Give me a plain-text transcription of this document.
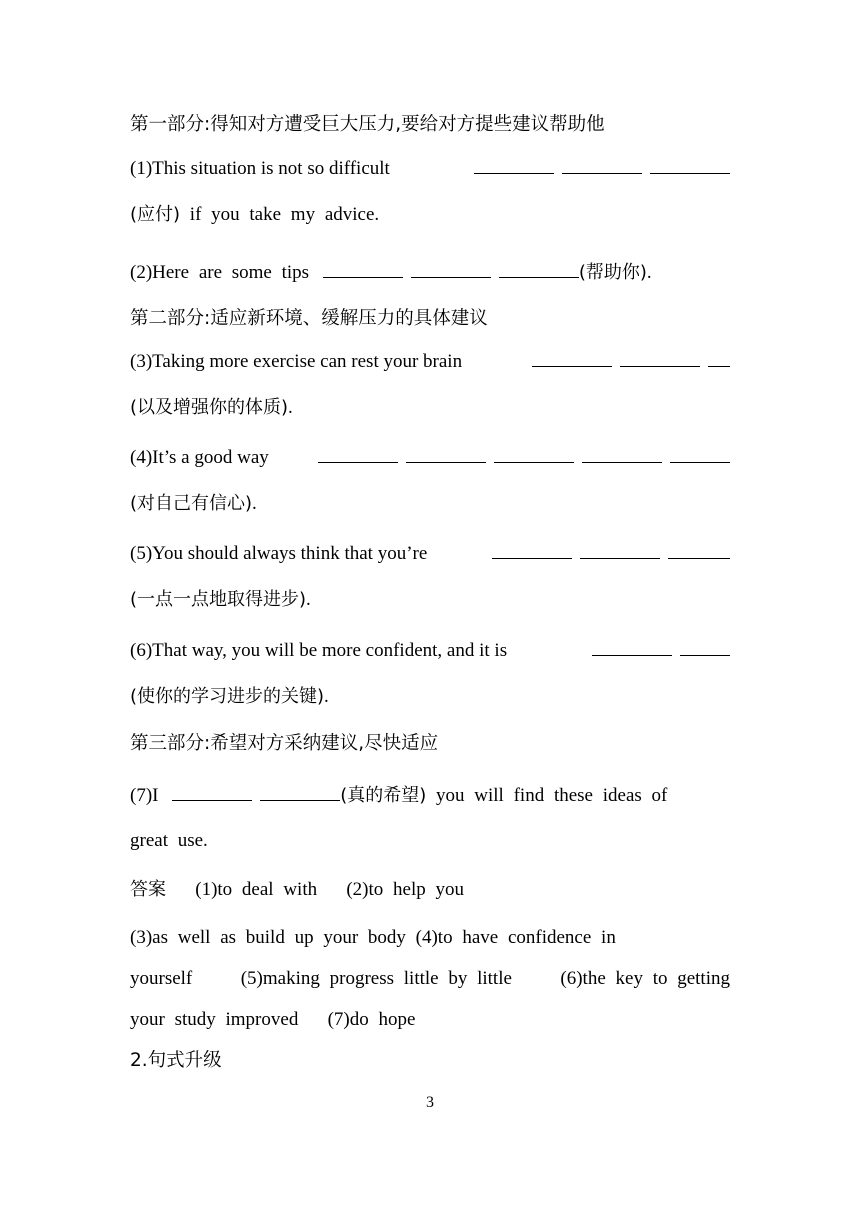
第一部分:得知对方遭受巨大压力,要给对方提些建议帮助他
(1)This situation is not so difficult
(应付) if you take my advice.
(2)Here are some tips	(帮助你).
第二部分:适应新环境、缓解压力的具体建议
(3)Taking more exercise can rest your brain
(以及增强你的体质).
(4)It’s a good way
(对自己有信心).
(5)You should always think that you’re
(一点一点地取得进步).
(6)That way, you will be more confident, and it is
(使你的学习进步的关键).
第三部分:希望对方采纳建议,尽快适应
(7)I	(真的希望) you will find these ideas of
great use.
答案 (1)to deal with   (2)to help you
(3)as well as build up your body (4)to have confidence in
yourself	(5)making progress little by little	(6)the key to getting
your study improved   (7)do hope
2.句式升级
3
